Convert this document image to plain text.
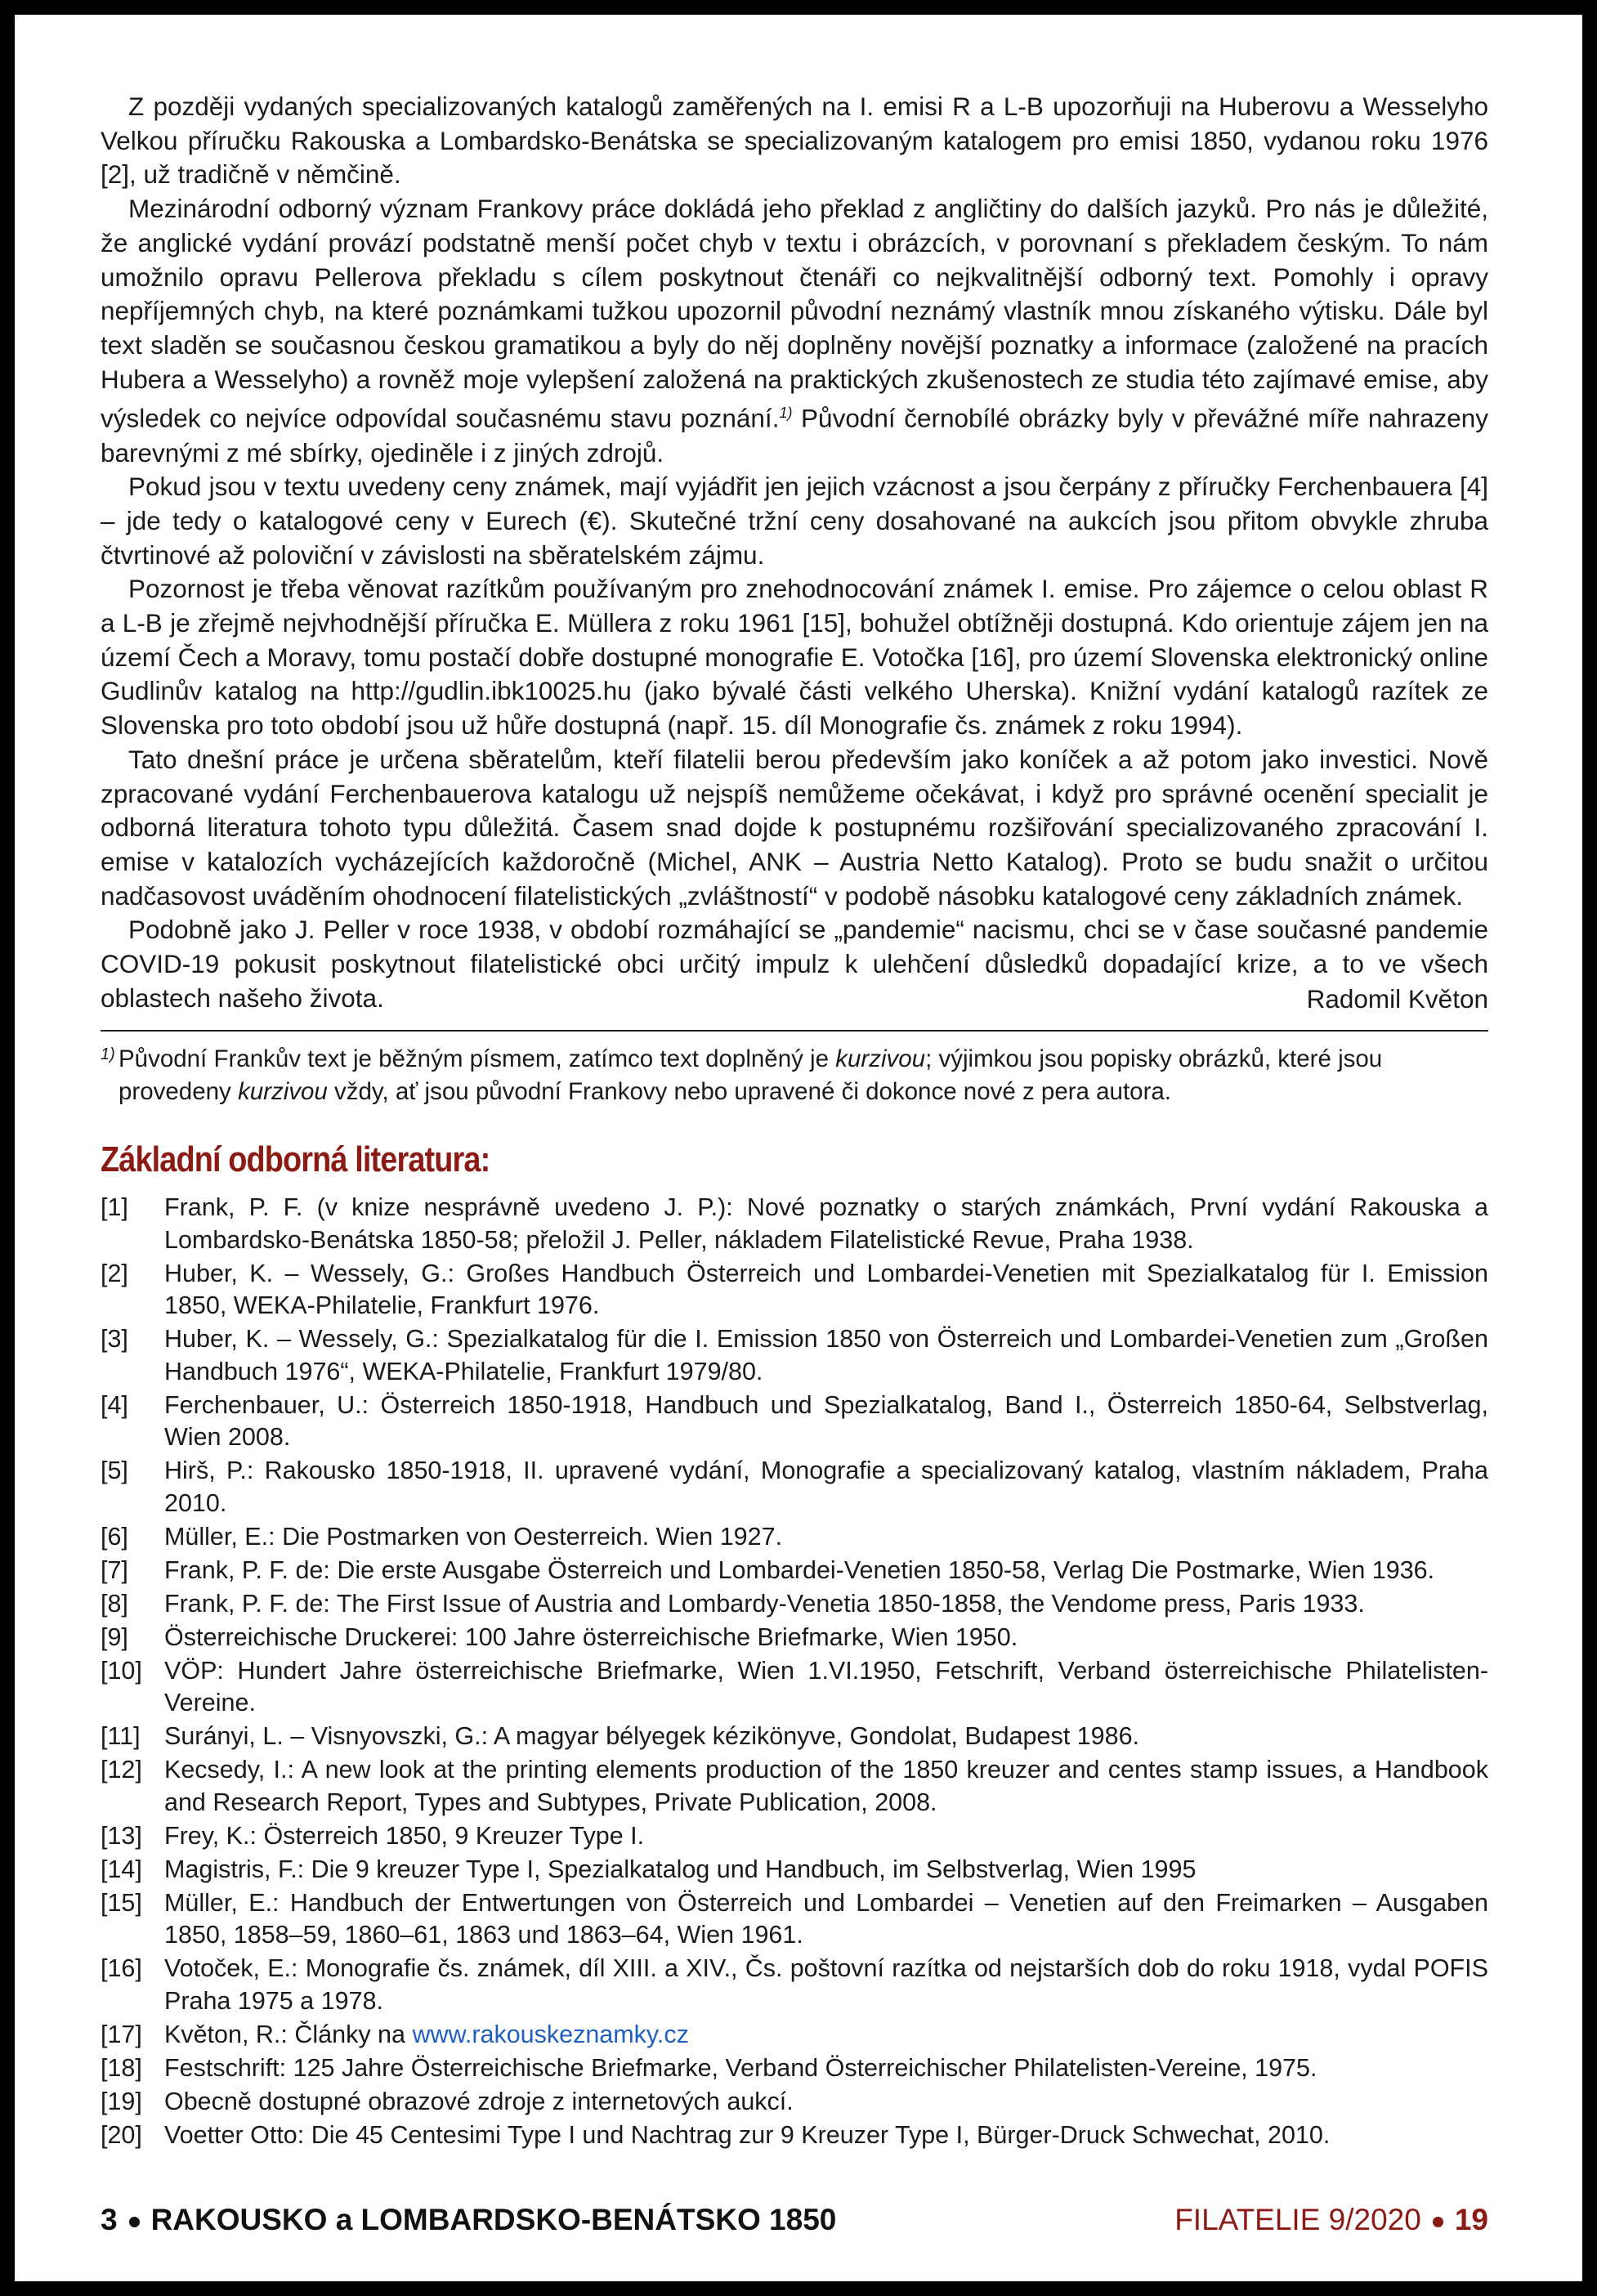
Z později vydaných specializovaných katalogů zaměřených na I. emisi R a L-B upozorňuji na Huberovu a Wesselyho Velkou příručku Rakouska a Lombardsko-Benátska se specializovaným katalogem pro emisi 1850, vydanou roku 1976 [2], už tradičně v němčině.

Mezinárodní odborný význam Frankovy práce dokládá jeho překlad z angličtiny do dalších jazyků. Pro nás je důležité, že anglické vydání provází podstatně menší počet chyb v textu i obrázcích, v porovnaní s překladem českým. To nám umožnilo opravu Pellerova překladu s cílem poskytnout čtenáři co nejkvalitnější odborný text. Pomohly i opravy nepříjemných chyb, na které poznámkami tužkou upozornil původní neznámý vlastník mnou získaného výtisku. Dále byl text sladěn se současnou českou gramatikou a byly do něj doplněny novější poznatky a informace (založené na pracích Hubera a Wesselyho) a rovněž moje vylepšení založená na praktických zkušenostech ze studia této zajímavé emise, aby výsledek co nejvíce odpovídal současnému stavu poznání.$^{1)}$ Původní černobílé obrázky byly v převážné míře nahrazeny barevnými z mé sbírky, ojediněle i z jiných zdrojů.

Pokud jsou v textu uvedeny ceny známek, mají vyjádřit jen jejich vzácnost a jsou čerpány z příručky Ferchenbauera [4] – jde tedy o katalogové ceny v Eurech (€). Skutečné tržní ceny dosahované na aukcích jsou přitom obvykle zhruba čtvrtinové až poloviční v závislosti na sběratelském zájmu.

Pozornost je třeba věnovat razítkům používaným pro znehodnocování známek I. emise. Pro zájemce o celou oblast R a L-B je zřejmě nejvhodnější příručka E. Müllera z roku 1961 [15], bohužel obtížněji dostupná. Kdo orientuje zájem jen na území Čech a Moravy, tomu postačí dobře dostupné monografie E. Votočka [16], pro území Slovenska elektronický online Gudlinův katalog na http://gudlin.ibk10025.hu (jako bývalé části velkého Uherska). Knižní vydání katalogů razítek ze Slovenska pro toto období jsou už hůře dostupná (např. 15. díl Monografie čs. známek z roku 1994).

Tato dnešní práce je určena sběratelům, kteří filatelii berou především jako koníček a až potom jako investici. Nově zpracované vydání Ferchenbauerova katalogu už nejspíš nemůžeme očekávat, i když pro správné ocenění specialit je odborná literatura tohoto typu důležitá. Časem snad dojde k postupnému rozšiřování specializovaného zpracování I. emise v katalozích vycházejících každoročně (Michel, ANK – Austria Netto Katalog). Proto se budu snažit o určitou nadčasovost uváděním ohodnocení filatelistických „zvláštností“ v podobě násobku katalogové ceny základních známek.

Podobně jako J. Peller v roce 1938, v období rozmáhající se „pandemie“ nacismu, chci se v čase současné pandemie COVID-19 pokusit poskytnout filatelistické obci určitý impulz k ulehčení důsledků dopadající krize, a to ve všech oblastech našeho života.	Radomil Květon
1) Původní Frankův text je běžným písmem, zatímco text doplněný je kurzivou; výjimkou jsou popisky obrázků, které jsou provedeny kurzivou vždy, ať jsou původní Frankovy nebo upravené či dokonce nové z pera autora.
Základní odborná literatura:
[1] Frank, P. F. (v knize nesprávně uvedeno J. P.): Nové poznatky o starých známkách, První vydání Rakouska a Lombardsko-Benátska 1850-58; přeložil J. Peller, nákladem Filatelistické Revue, Praha 1938.
[2] Huber, K. – Wessely, G.: Großes Handbuch Österreich und Lombardei-Venetien mit Spezialkatalog für I. Emission 1850, WEKA-Philatelie, Frankfurt 1976.
[3] Huber, K. – Wessely, G.: Spezialkatalog für die I. Emission 1850 von Österreich und Lombardei-Venetien zum „Großen Handbuch 1976“, WEKA-Philatelie, Frankfurt 1979/80.
[4] Ferchenbauer, U.: Österreich 1850-1918, Handbuch und Spezialkatalog, Band I., Österreich 1850-64, Selbstverlag, Wien 2008.
[5] Hirš, P.: Rakousko 1850-1918, II. upravené vydání, Monografie a specializovaný katalog, vlastním nákladem, Praha 2010.
[6] Müller, E.: Die Postmarken von Oesterreich. Wien 1927.
[7] Frank, P. F. de: Die erste Ausgabe Österreich und Lombardei-Venetien 1850-58, Verlag Die Postmarke, Wien 1936.
[8] Frank, P. F. de: The First Issue of Austria and Lombardy-Venetia 1850-1858, the Vendome press, Paris 1933.
[9] Österreichische Druckerei: 100 Jahre österreichische Briefmarke, Wien 1950.
[10] VÖP: Hundert Jahre österreichische Briefmarke, Wien 1.VI.1950, Fetschrift, Verband österreichische Philatelisten-Vereine.
[11] Surányi, L. – Visnyovszki, G.: A magyar bélyegek kézikönyve, Gondolat, Budapest 1986.
[12] Kecsedy, I.: A new look at the printing elements production of the 1850 kreuzer and centes stamp issues, a Handbook and Research Report, Types and Subtypes, Private Publication, 2008.
[13] Frey, K.: Österreich 1850, 9 Kreuzer Type I.
[14] Magistris, F.: Die 9 kreuzer Type I, Spezialkatalog und Handbuch, im Selbstverlag, Wien 1995
[15] Müller, E.: Handbuch der Entwertungen von Österreich und Lombardei – Venetien auf den Freimarken – Ausgaben 1850, 1858–59, 1860–61, 1863 und 1863–64, Wien 1961.
[16] Votoček, E.: Monografie čs. známek, díl XIII. a XIV., Čs. poštovní razítka od nejstarších dob do roku 1918, vydal POFIS Praha 1975 a 1978.
[17] Květon, R.: Články na www.rakouskeznamky.cz
[18] Festschrift: 125 Jahre Österreichische Briefmarke, Verband Österreichischer Philatelisten-Vereine, 1975.
[19] Obecně dostupné obrazové zdroje z internetových aukcí.
[20] Voetter Otto: Die 45 Centesimi Type I und Nachtrag zur 9 Kreuzer Type I, Bürger-Druck Schwechat, 2010.
3 RAKOUSKO a LOMBARDSKO-BENÁTSKO 1850	FILATELIE 9/2020 19
